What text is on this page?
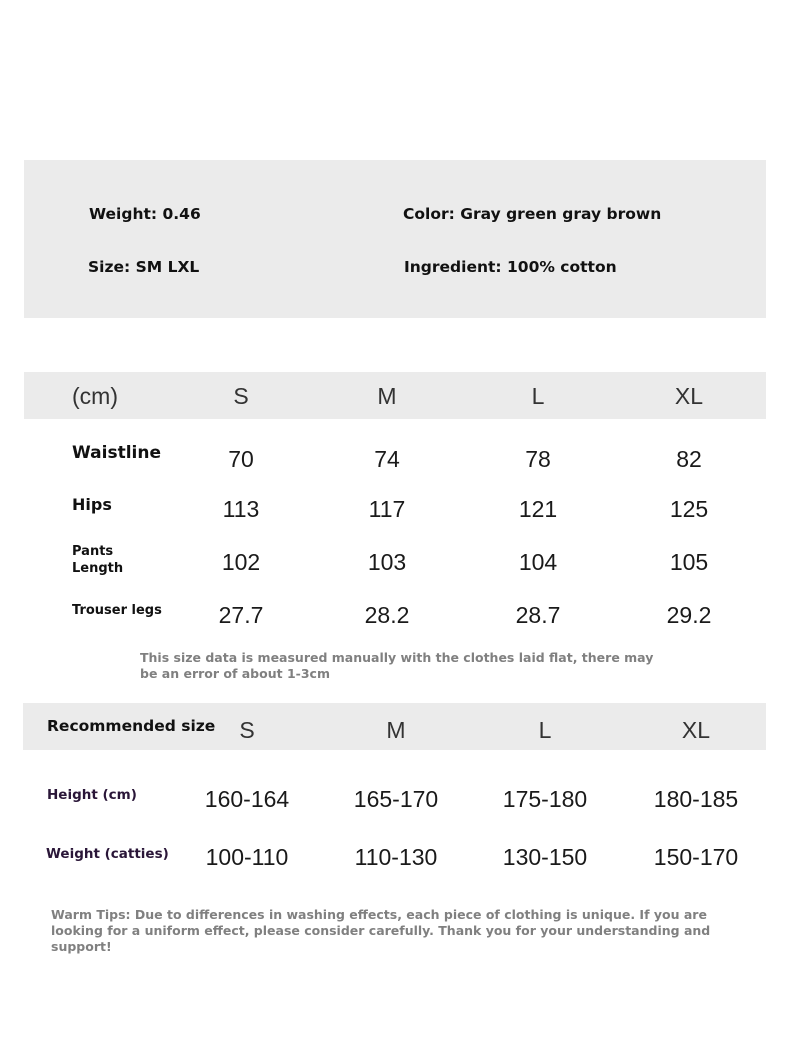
Weight: 0.46	Color: Gray green gray brown
Size: SM LXL	Ingredient: 100% cotton
(cm)	S	M	L	XL
Waistline	70	74	78	82
Hips	113	117	121	125
Pants
Length	102	103	104	105
Trouser legs	27.7	28.2	28.7	29.2
This size data is measured manually with the clothes laid flat, there may be an error of about 1-3cm
Recommended size	S	M	L	XL
Height (cm)	160-164	165-170	175-180	180-185
Weight (catties)	100-110	110-130	130-150	150-170
Warm Tips: Due to differences in washing effects, each piece of clothing is unique. If you are looking for a uniform effect, please consider carefully. Thank you for your understanding and support!
